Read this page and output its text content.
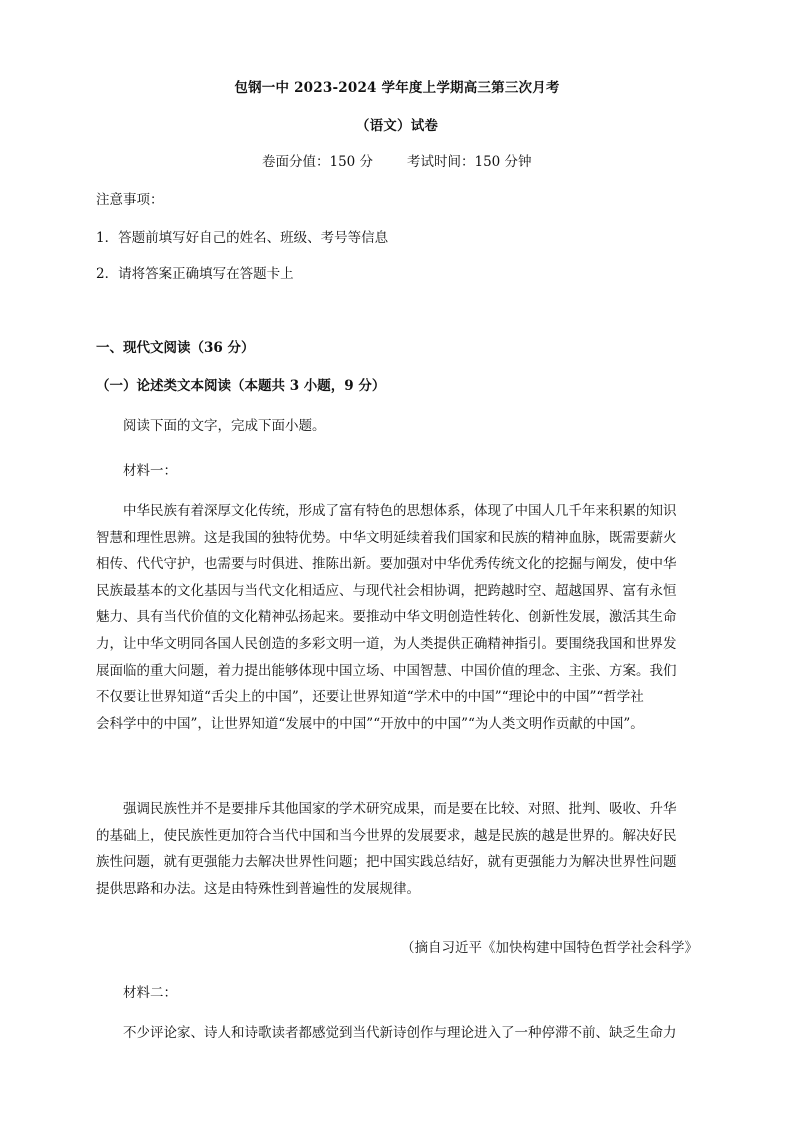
包钢一中 2023-2024 学年度上学期高三第三次月考
（语文）试卷
卷面分值：150 分	考试时间：150 分钟
注意事项：
1．答题前填写好自己的姓名、班级、考号等信息
2．请将答案正确填写在答题卡上
一、现代文阅读（36 分）
（一）论述类文本阅读（本题共 3 小题，9 分）
阅读下面的文字，完成下面小题。
材料一：
中华民族有着深厚文化传统，形成了富有特色的思想体系，体现了中国人几千年来积累的知识
智慧和理性思辨。这是我国的独特优势。中华文明延续着我们国家和民族的精神血脉，既需要薪火
相传、代代守护，也需要与时俱进、推陈出新。要加强对中华优秀传统文化的挖掘与阐发，使中华
民族最基本的文化基因与当代文化相适应、与现代社会相协调，把跨越时空、超越国界、富有永恒
魅力、具有当代价值的文化精神弘扬起来。要推动中华文明创造性转化、创新性发展，激活其生命
力，让中华文明同各国人民创造的多彩文明一道，为人类提供正确精神指引。要围绕我国和世界发
展面临的重大问题，着力提出能够体现中国立场、中国智慧、中国价值的理念、主张、方案。我们
不仅要让世界知道“舌尖上的中国”，还要让世界知道“学术中的中国”“理论中的中国”“哲学社
会科学中的中国”，让世界知道“发展中的中国”“开放中的中国”“为人类文明作贡献的中国”。
强调民族性并不是要排斥其他国家的学术研究成果，而是要在比较、对照、批判、吸收、升华
的基础上，使民族性更加符合当代中国和当今世界的发展要求，越是民族的越是世界的。解决好民
族性问题，就有更强能力去解决世界性问题；把中国实践总结好，就有更强能力为解决世界性问题
提供思路和办法。这是由特殊性到普遍性的发展规律。
（摘自习近平《加快构建中国特色哲学社会科学》
材料二：
不少评论家、诗人和诗歌读者都感觉到当代新诗创作与理论进入了一种停滞不前、缺乏生命力
